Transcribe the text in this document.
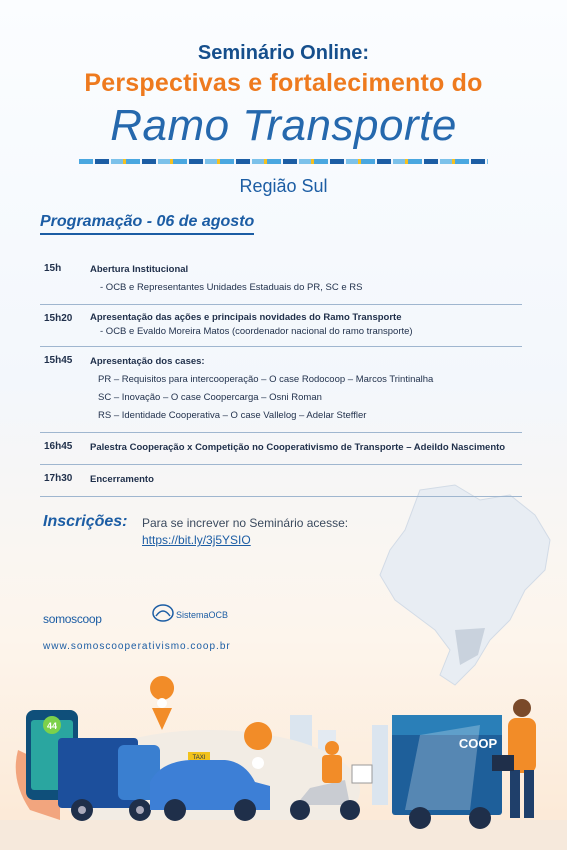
Seminário Online:
Perspectivas e fortalecimento do
Ramo Transporte
Região Sul
Programação - 06 de agosto
15h	Abertura Institucional
- OCB e Representantes Unidades Estaduais do PR, SC e RS
15h20	Apresentação das ações e principais novidades do Ramo Transporte
- OCB e Evaldo Moreira Matos (coordenador nacional do ramo transporte)
15h45	Apresentação dos cases:
PR – Requisitos para intercooperação – O case Rodocoop – Marcos Trintinalha
SC – Inovação – O case Coopercarga – Osni Roman
RS – Identidade Cooperativa – O case Vallelog – Adelar Steffler
16h45	Palestra Cooperação x Competição no Cooperativismo de Transporte – Adeildo Nascimento
17h30	Encerramento
Inscrições: Para se increver no Seminário acesse:
https://bit.ly/3j5YSIO
somoscoop	SistemaOCB
www.somoscooperativismo.coop.br
44
TAXI
COOP
